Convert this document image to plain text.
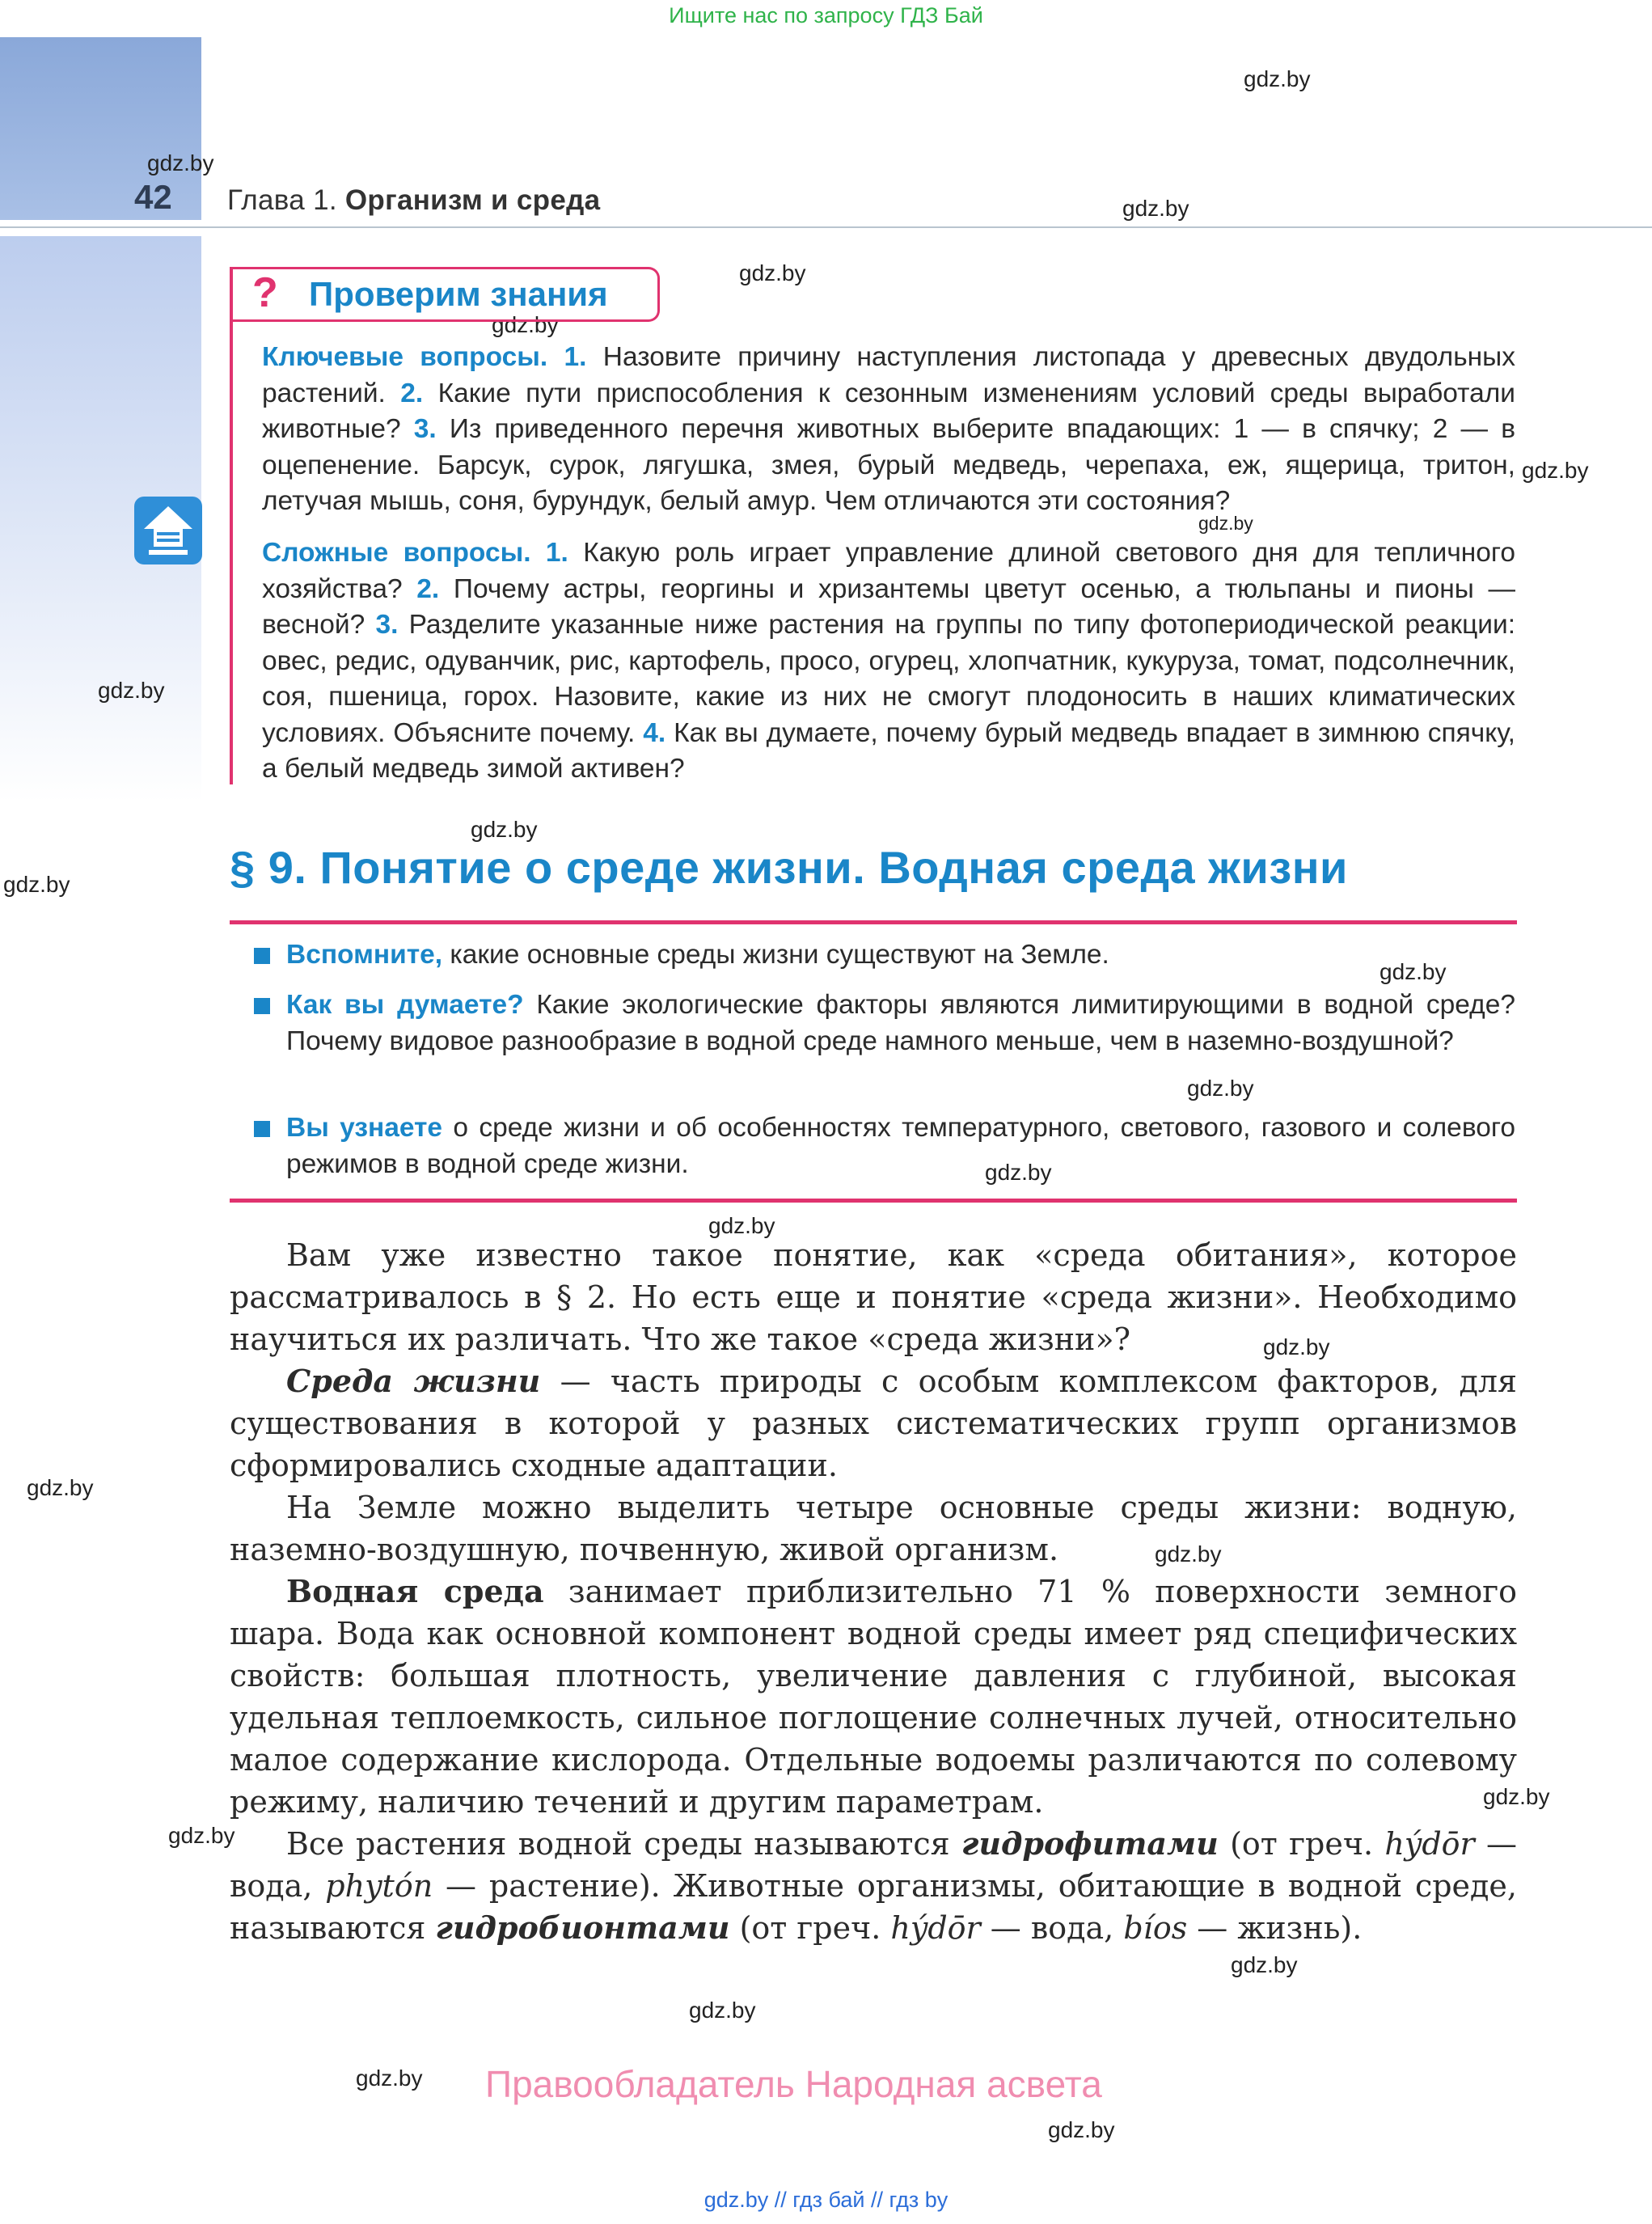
Ищите нас по запросу ГДЗ Бай
42 Глава 1. Организм и среда
gdz.by
gdz.by
gdz.by
gdz.by
gdz.by
gdz.by
gdz.by
gdz.by
gdz.by
gdz.by
gdz.by
gdz.by
gdz.by
gdz.by
gdz.by
gdz.by
gdz.by
gdz.by
gdz.by
gdz.by
gdz.by
gdz.by
gdz.by
? Проверим знания
Ключевые вопросы. 1. Назовите причину наступления листопада у древесных двудольных растений. 2. Какие пути приспособления к сезонным изменениям условий среды выработали животные? 3. Из приведенного перечня животных выберите впадающих: 1 — в спячку; 2 — в оцепенение. Барсук, сурок, лягушка, змея, бурый медведь, черепаха, еж, ящерица, тритон, летучая мышь, соня, бурундук, белый амур. Чем отличаются эти состояния?
Сложные вопросы. 1. Какую роль играет управление длиной светового дня для тепличного хозяйства? 2. Почему астры, георгины и хризантемы цветут осенью, а тюльпаны и пионы — весной? 3. Разделите указанные ниже растения на группы по типу фотопериодической реакции: овес, редис, одуванчик, рис, картофель, просо, огурец, хлопчатник, кукуруза, томат, подсолнечник, соя, пшеница, горох. Назовите, какие из них не смогут плодоносить в наших климатических условиях. Объясните почему. 4. Как вы думаете, почему бурый медведь впадает в зимнюю спячку, а белый медведь зимой активен?
§ 9. Понятие о среде жизни. Водная среда жизни
Вспомните, какие основные среды жизни существуют на Земле.
Как вы думаете? Какие экологические факторы являются лимитирующими в водной среде? Почему видовое разнообразие в водной среде намного меньше, чем в наземно-воздушной?
Вы узнаете о среде жизни и об особенностях температурного, светового, газового и солевого режимов в водной среде жизни.

Вам уже известно такое понятие, как «среда обитания», которое рассматривалось в § 2. Но есть еще и понятие «среда жизни». Необходимо научиться их различать. Что же такое «среда жизни»?

Среда жизни — часть природы с особым комплексом факторов, для существования в которой у разных систематических групп организмов сформировались сходные адаптации.

На Земле можно выделить четыре основные среды жизни: водную, наземно-воздушную, почвенную, живой организм.

Водная среда занимает приблизительно 71 % поверхности земного шара. Вода как основной компонент водной среды имеет ряд специфических свойств: большая плотность, увеличение давления с глубиной, высокая удельная теплоемкость, сильное поглощение солнечных лучей, относительно малое содержание кислорода. Отдельные водоемы различаются по солевому режиму, наличию течений и другим параметрам.

Все растения водной среды называются гидрофитами (от греч. hýdōr — вода, phytón — растение). Животные организмы, обитающие в водной среде, называются гидробионтами (от греч. hýdōr — вода, bíos — жизнь).

Правообладатель Народная асвета
gdz.by // гдз бай // гдз by
